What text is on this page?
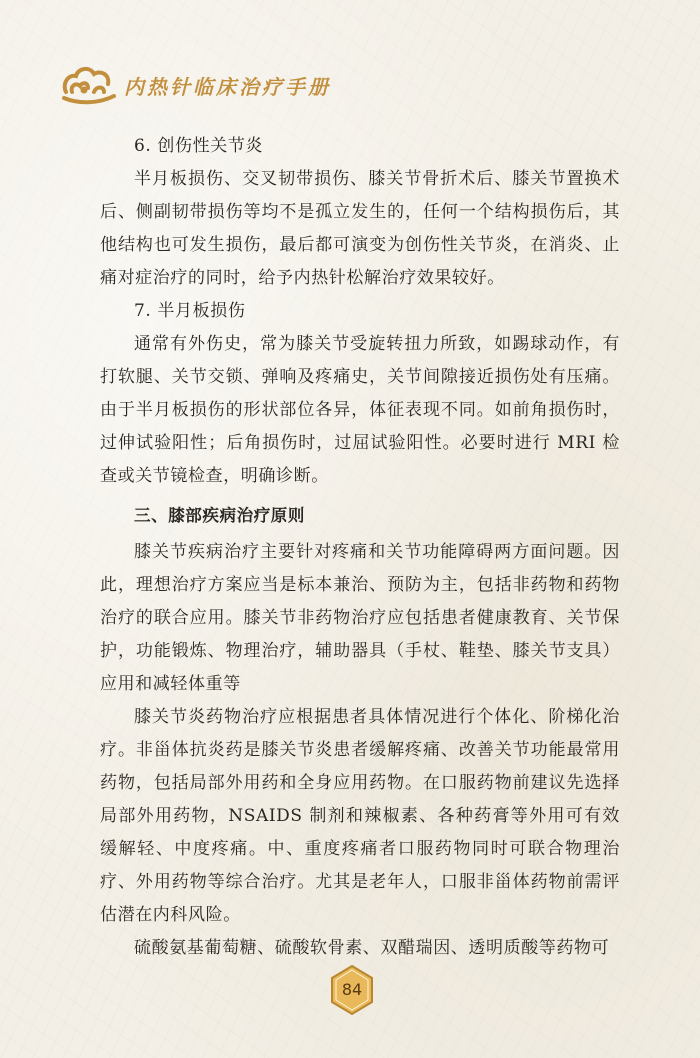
内热针临床治疗手册

6. 创伤性关节炎

半月板损伤、交叉韧带损伤、膝关节骨折术后、膝关节置换术后、侧副韧带损伤等均不是孤立发生的，任何一个结构损伤后，其他结构也可发生损伤，最后都可演变为创伤性关节炎，在消炎、止痛对症治疗的同时，给予内热针松解治疗效果较好。

7. 半月板损伤

通常有外伤史，常为膝关节受旋转扭力所致，如踢球动作，有打软腿、关节交锁、弹响及疼痛史，关节间隙接近损伤处有压痛。由于半月板损伤的形状部位各异，体征表现不同。如前角损伤时，过伸试验阳性；后角损伤时，过屈试验阳性。必要时进行 MRI 检查或关节镜检查，明确诊断。

三、膝部疾病治疗原则

膝关节疾病治疗主要针对疼痛和关节功能障碍两方面问题。因此，理想治疗方案应当是标本兼治、预防为主，包括非药物和药物治疗的联合应用。膝关节非药物治疗应包括患者健康教育、关节保护，功能锻炼、物理治疗，辅助器具（手杖、鞋垫、膝关节支具）应用和减轻体重等

膝关节炎药物治疗应根据患者具体情况进行个体化、阶梯化治疗。非甾体抗炎药是膝关节炎患者缓解疼痛、改善关节功能最常用药物，包括局部外用药和全身应用药物。在口服药物前建议先选择局部外用药物，NSAIDS 制剂和辣椒素、各种药膏等外用可有效缓解轻、中度疼痛。中、重度疼痛者口服药物同时可联合物理治疗、外用药物等综合治疗。尤其是老年人，口服非甾体药物前需评估潜在内科风险。

硫酸氨基葡萄糖、硫酸软骨素、双醋瑞因、透明质酸等药物可

84
